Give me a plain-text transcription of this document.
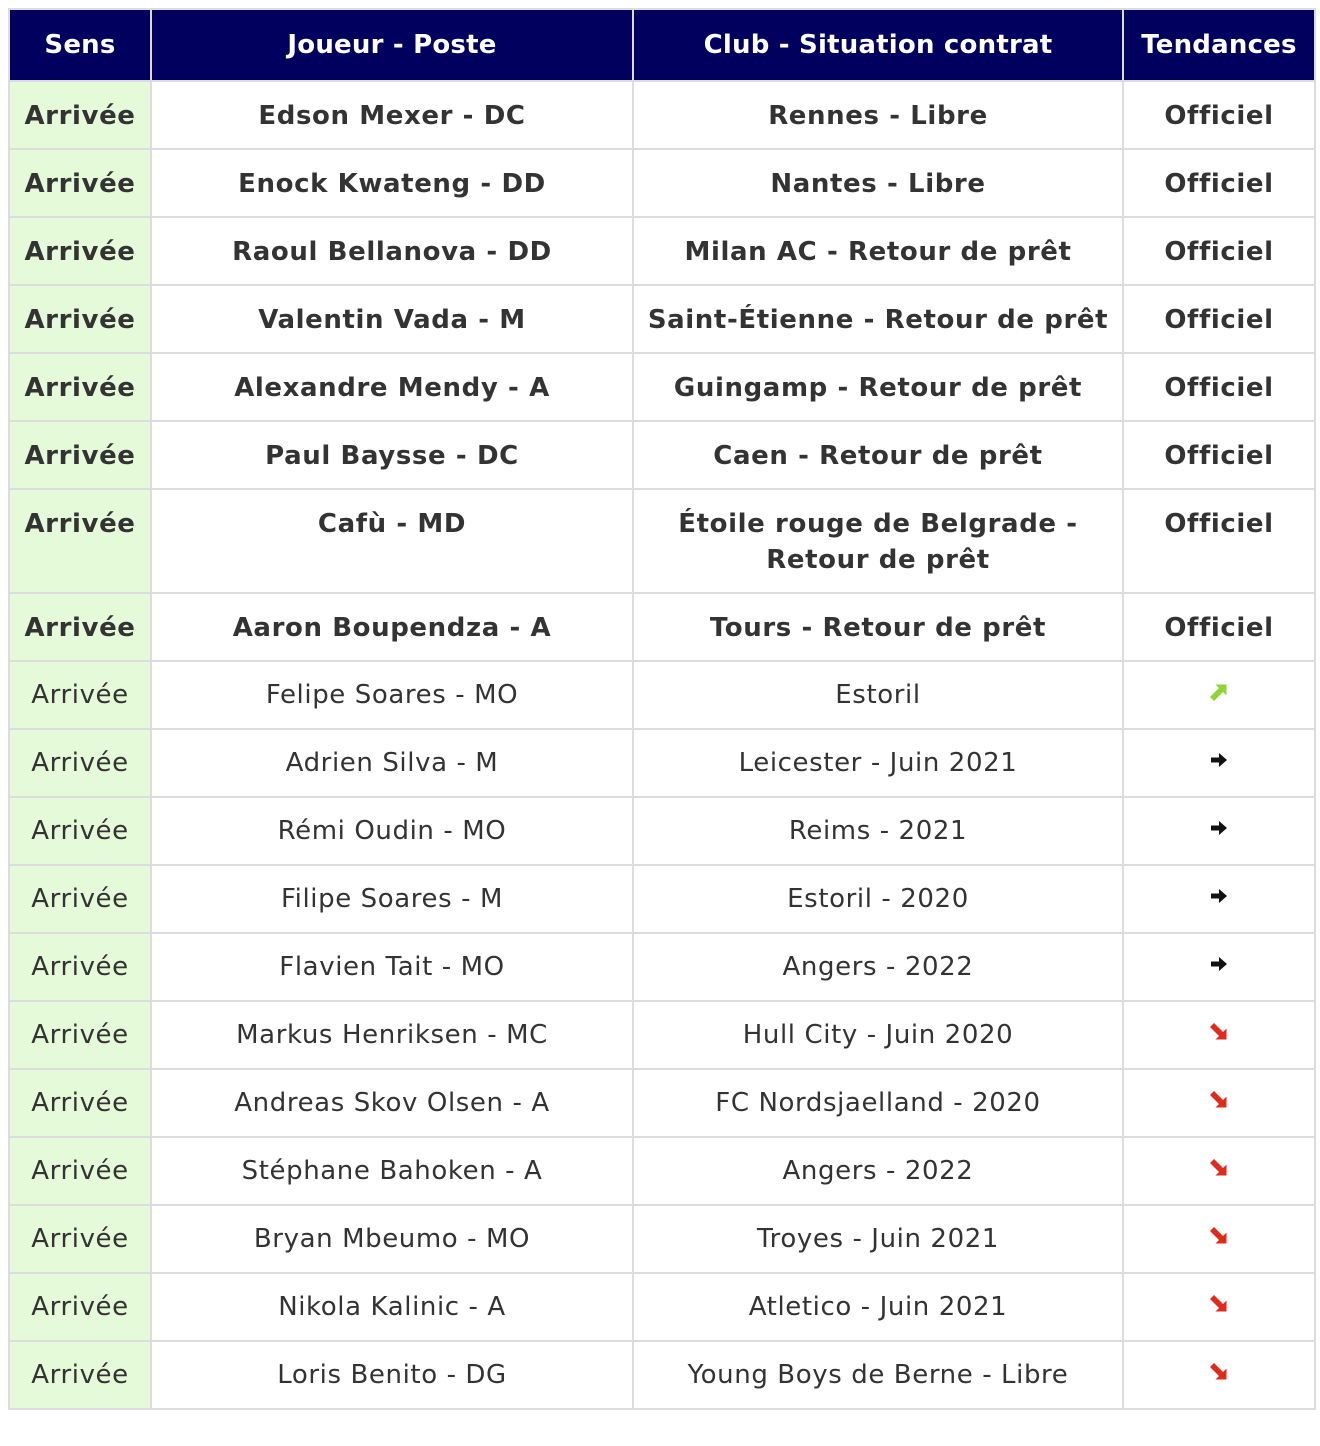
Sens	Joueur - Poste	Club - Situation contrat	Tendances
Arrivée	Edson Mexer - DC	Rennes - Libre	Officiel
Arrivée	Enock Kwateng - DD	Nantes - Libre	Officiel
Arrivée	Raoul Bellanova - DD	Milan AC - Retour de prêt	Officiel
Arrivée	Valentin Vada - M	Saint-Étienne - Retour de prêt	Officiel
Arrivée	Alexandre Mendy - A	Guingamp - Retour de prêt	Officiel
Arrivée	Paul Baysse - DC	Caen - Retour de prêt	Officiel
Arrivée	Cafù - MD	Étoile rouge de Belgrade - Retour de prêt	Officiel
Arrivée	Aaron Boupendza - A	Tours - Retour de prêt	Officiel
Arrivée	Felipe Soares - MO	Estoril	
Arrivée	Adrien Silva - M	Leicester - Juin 2021	
Arrivée	Rémi Oudin - MO	Reims - 2021	
Arrivée	Filipe Soares - M	Estoril - 2020	
Arrivée	Flavien Tait - MO	Angers - 2022	
Arrivée	Markus Henriksen - MC	Hull City - Juin 2020	
Arrivée	Andreas Skov Olsen - A	FC Nordsjaelland - 2020	
Arrivée	Stéphane Bahoken - A	Angers - 2022	
Arrivée	Bryan Mbeumo - MO	Troyes - Juin 2021	
Arrivée	Nikola Kalinic - A	Atletico - Juin 2021	
Arrivée	Loris Benito - DG	Young Boys de Berne - Libre	
